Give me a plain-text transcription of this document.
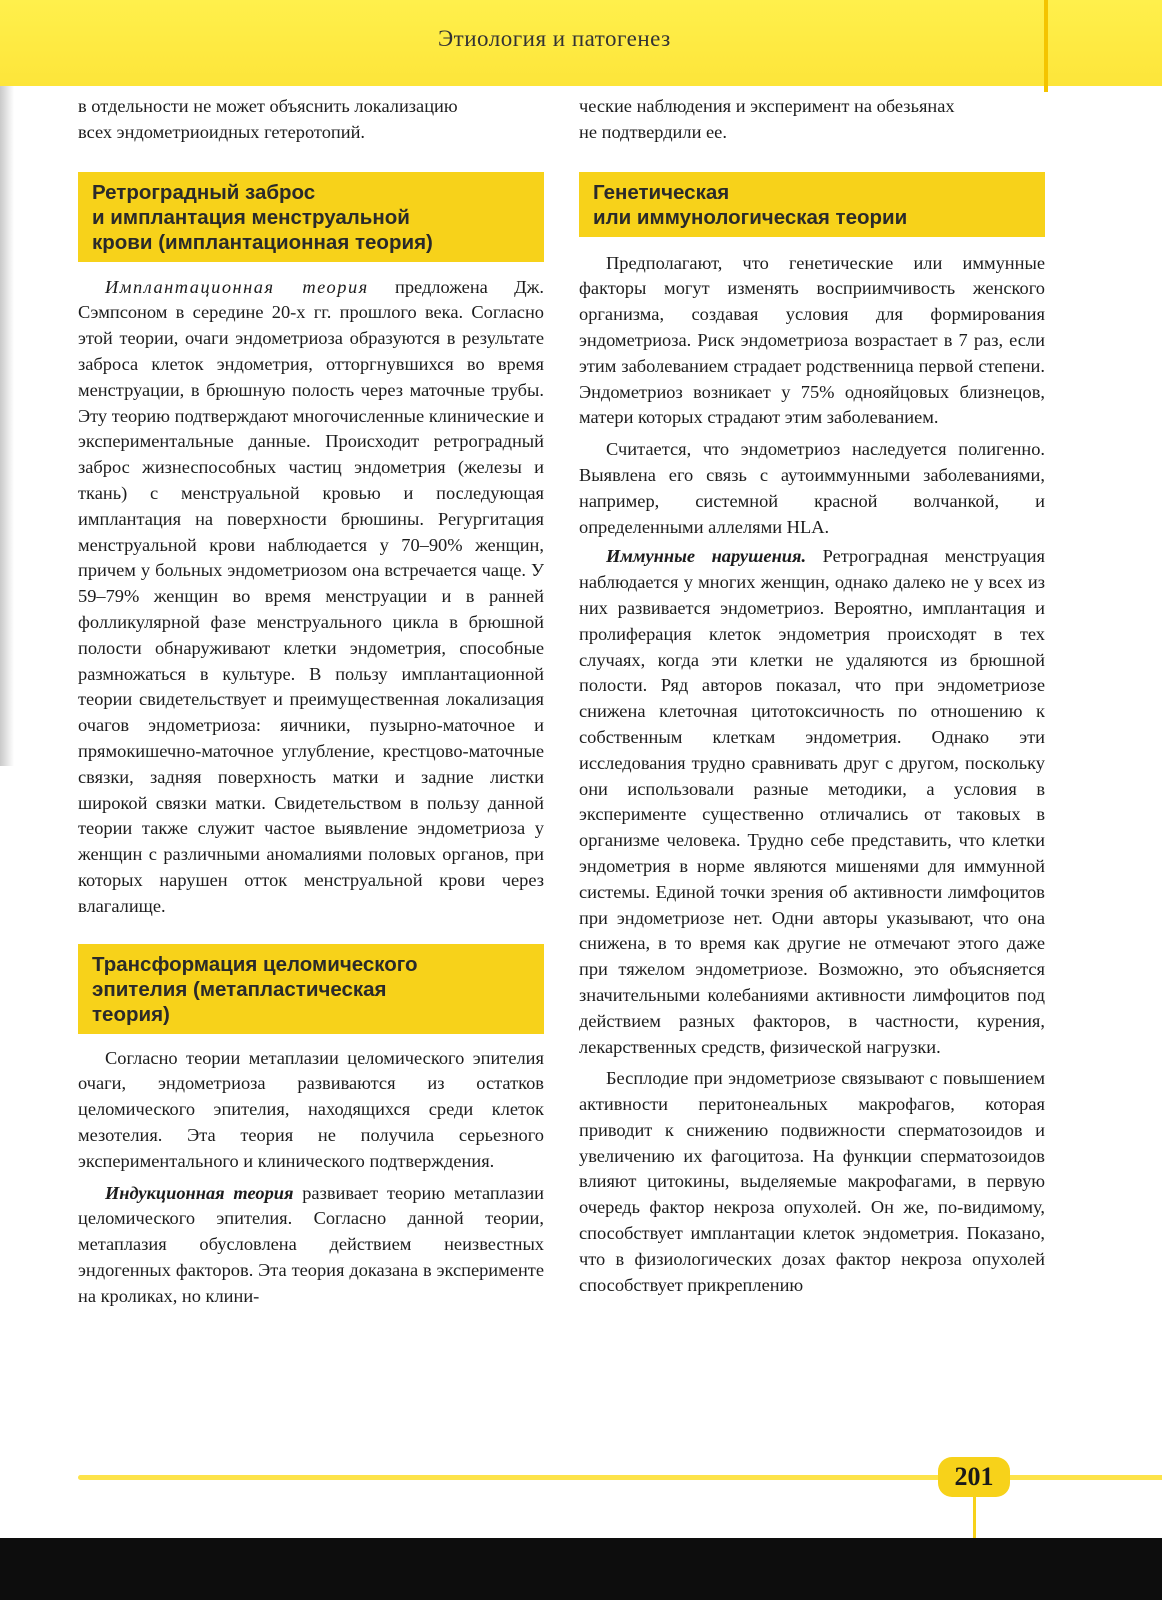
Этиология и патогенез

в отдельности не может объяснить локализацию
всех эндометриоидных гетеротопий.

Ретроградный заброс
и имплантация менструальной
крови (имплантационная теория)

Имплантационная теория предложена Дж. Сэмпсоном в середине 20-х гг. прошлого века. Согласно этой теории, очаги эндометриоза образуются в результате заброса клеток эндометрия, отторгнувшихся во время менструации, в брюшную полость через маточные трубы. Эту теорию подтверждают многочисленные клинические и экспериментальные данные. Происходит ретроградный заброс жизнеспособных частиц эндометрия (железы и ткань) с менструальной кровью и последующая имплантация на поверхности брюшины. Регургитация менструальной крови наблюдается у 70–90% женщин, причем у больных эндометриозом она встречается чаще. У 59–79% женщин во время менструации и в ранней фолликулярной фазе менструального цикла в брюшной полости обнаруживают клетки эндометрия, способные размножаться в культуре. В пользу имплантационной теории свидетельствует и преимущественная локализация очагов эндометриоза: яичники, пузырно-маточное и прямокишечно-маточное углубление, крестцово-маточные связки, задняя поверхность матки и задние листки широкой связки матки. Свидетельством в пользу данной теории также служит частое выявление эндометриоза у женщин с различными аномалиями половых органов, при которых нарушен отток менструальной крови через влагалище.

Трансформация целомического
эпителия (метапластическая
теория)

Согласно теории метаплазии целомического эпителия очаги, эндометриоза развиваются из остатков целомического эпителия, находящихся среди клеток мезотелия. Эта теория не получила серьезного экспериментального и клинического подтверждения.

Индукционная теория развивает теорию метаплазии целомического эпителия. Согласно данной теории, метаплазия обусловлена действием неизвестных эндогенных факторов. Эта теория доказана в эксперименте на кроликах, но клини-

ческие наблюдения и эксперимент на обезьянах
не подтвердили ее.

Генетическая
или иммунологическая теории

Предполагают, что генетические или иммунные факторы могут изменять восприимчивость женского организма, создавая условия для формирования эндометриоза. Риск эндометриоза возрастает в 7 раз, если этим заболеванием страдает родственница первой степени. Эндометриоз возникает у 75% однояйцовых близнецов, матери которых страдают этим заболеванием.

Считается, что эндометриоз наследуется полигенно. Выявлена его связь с аутоиммунными заболеваниями, например, системной красной волчанкой, и определенными аллелями HLA.

Иммунные нарушения. Ретроградная менструация наблюдается у многих женщин, однако далеко не у всех из них развивается эндометриоз. Вероятно, имплантация и пролиферация клеток эндометрия происходят в тех случаях, когда эти клетки не удаляются из брюшной полости. Ряд авторов показал, что при эндометриозе снижена клеточная цитотоксичность по отношению к собственным клеткам эндометрия. Однако эти исследования трудно сравнивать друг с другом, поскольку они использовали разные методики, а условия в эксперименте существенно отличались от таковых в организме человека. Трудно себе представить, что клетки эндометрия в норме являются мишенями для иммунной системы. Единой точки зрения об активности лимфоцитов при эндометриозе нет. Одни авторы указывают, что она снижена, в то время как другие не отмечают этого даже при тяжелом эндометриозе. Возможно, это объясняется значительными колебаниями активности лимфоцитов под действием разных факторов, в частности, курения, лекарственных средств, физической нагрузки.

Бесплодие при эндометриозе связывают с повышением активности перитонеальных макрофагов, которая приводит к снижению подвижности сперматозоидов и увеличению их фагоцитоза. На функции сперматозоидов влияют цитокины, выделяемые макрофагами, в первую очередь фактор некроза опухолей. Он же, по-видимому, способствует имплантации клеток эндометрия. Показано, что в физиологических дозах фактор некроза опухолей способствует прикреплению

201
